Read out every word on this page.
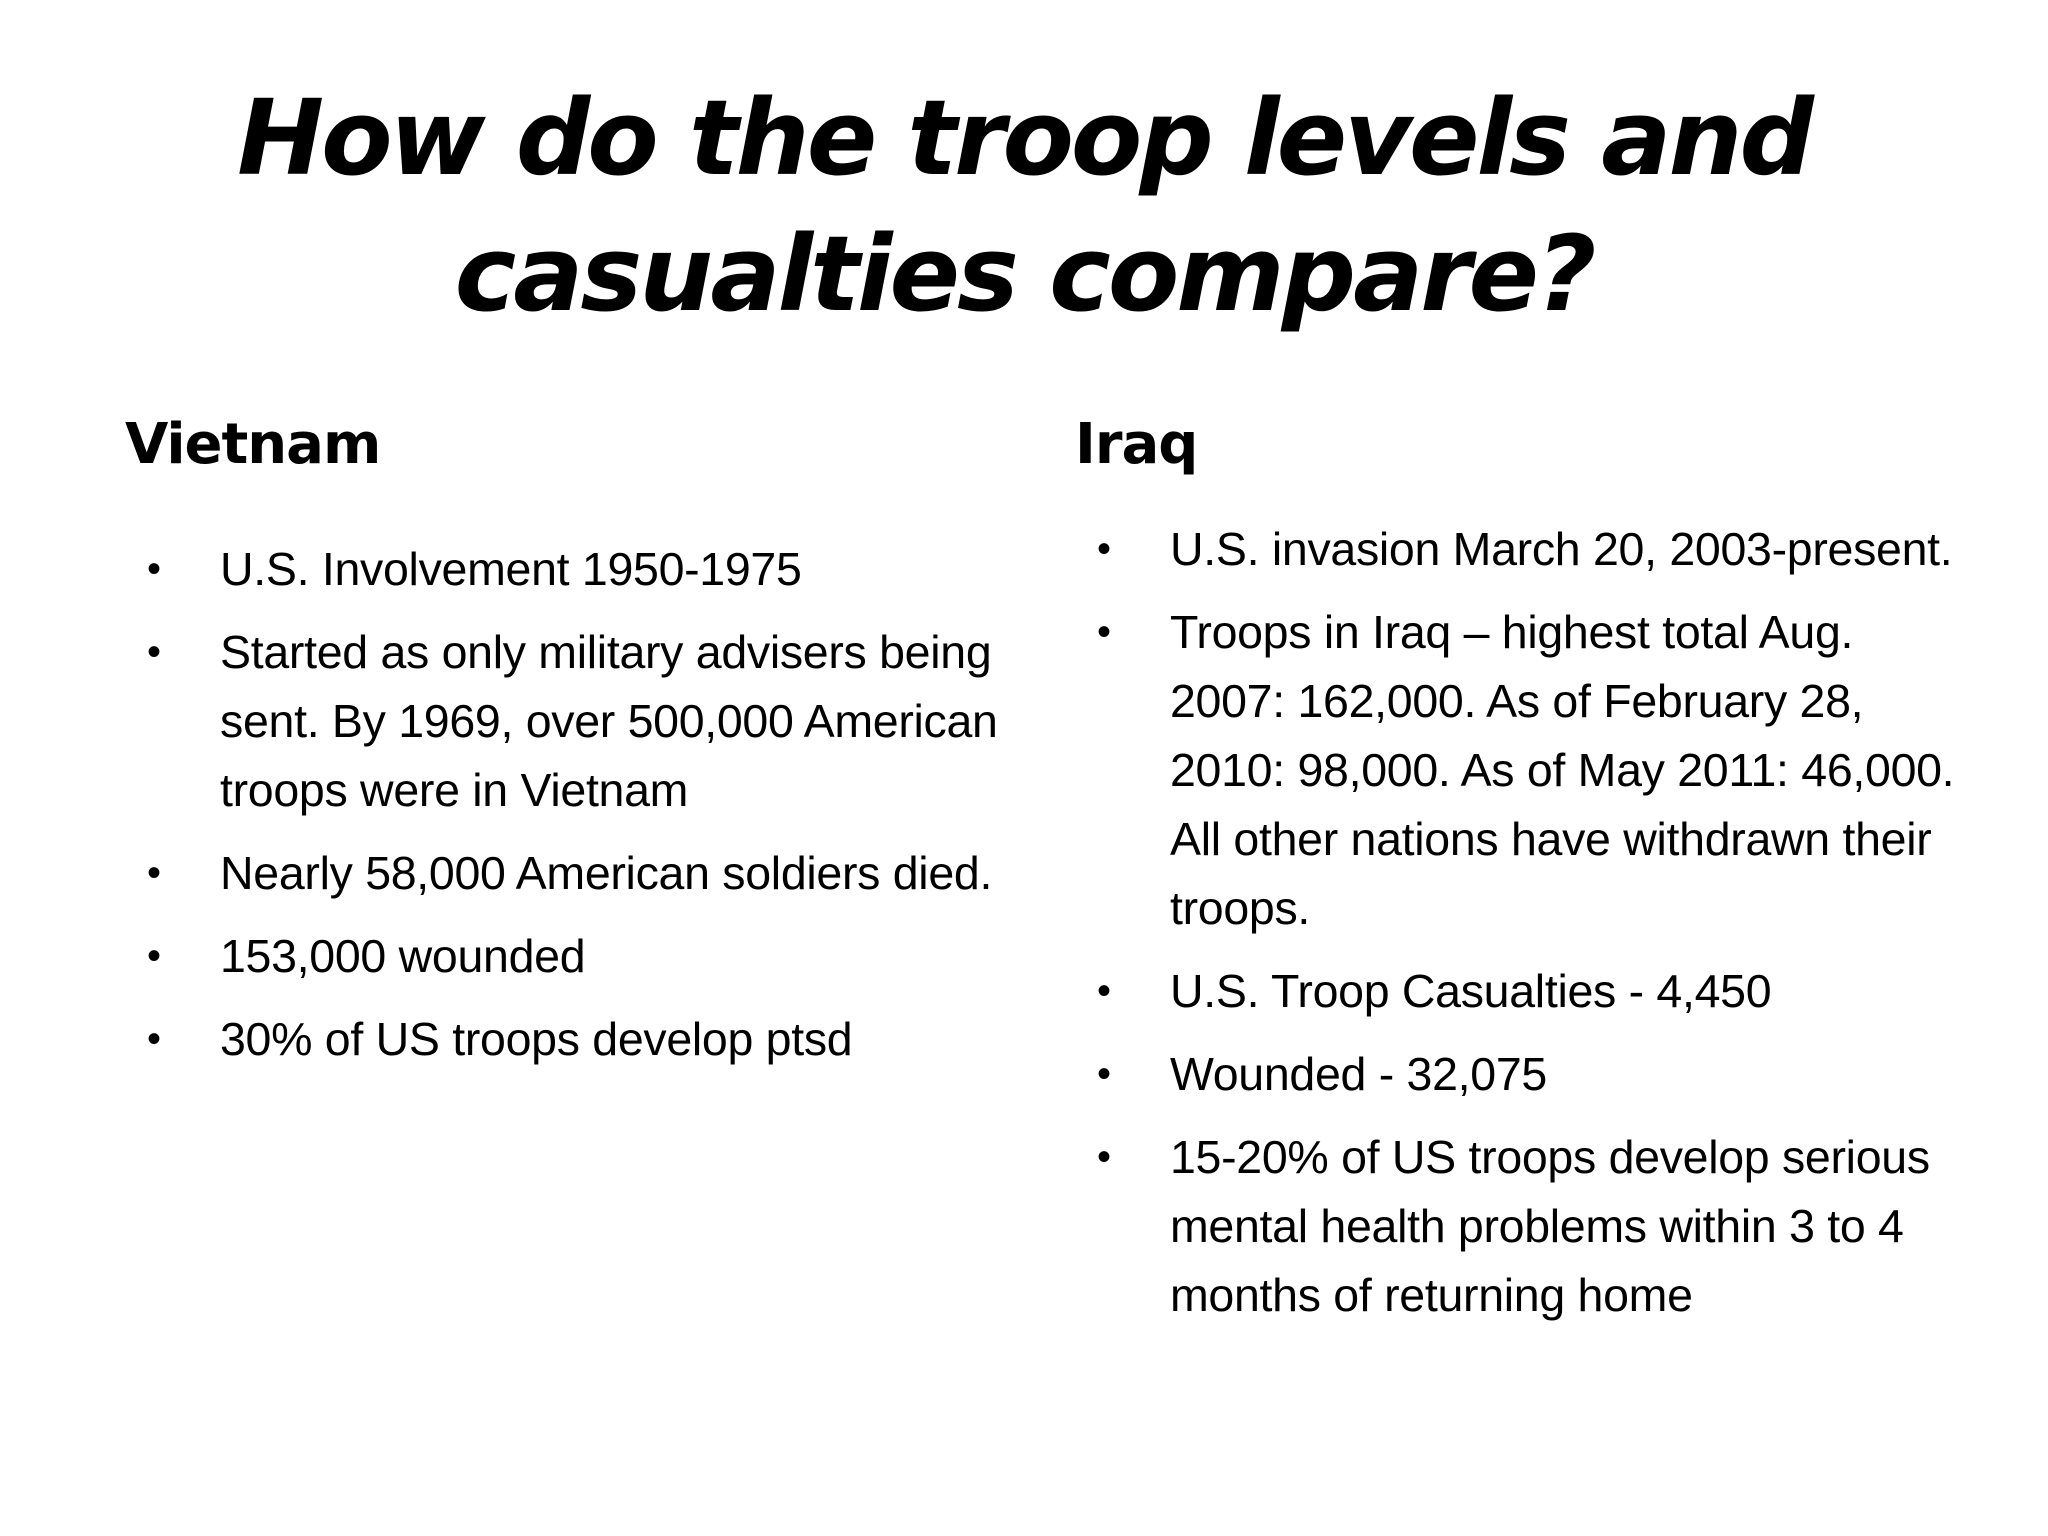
How do the troop levels and
casualties compare?
Vietnam
• U.S. Involvement 1950-1975
• Started as only military advisers being sent. By 1969, over 500,000 American troops were in Vietnam
• Nearly 58,000 American soldiers died.
• 153,000 wounded
• 30% of US troops develop ptsd
Iraq
• U.S. invasion March 20, 2003-present.
• Troops in Iraq – highest total Aug. 2007: 162,000. As of February 28, 2010: 98,000. As of May 2011: 46,000. All other nations have withdrawn their troops.
• U.S. Troop Casualties - 4,450
• Wounded - 32,075
• 15-20% of US troops develop serious mental health problems within 3 to 4 months of returning home
